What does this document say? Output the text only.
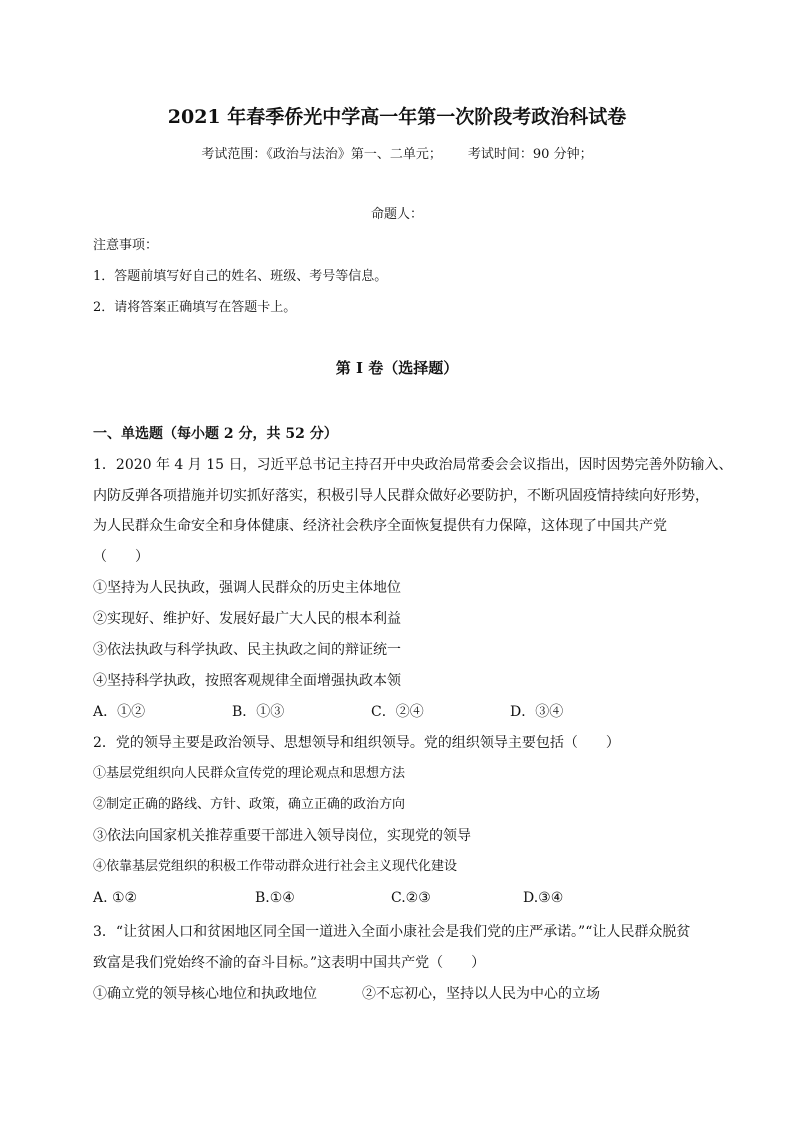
2021 年春季侨光中学高一年第一次阶段考政治科试卷
考试范围：《政治与法治》第一、二单元； 考试时间：90 分钟；
命题人：
注意事项：
1．答题前填写好自己的姓名、班级、考号等信息。
2．请将答案正确填写在答题卡上。
第 I 卷（选择题）
一、单选题（每小题 2 分，共 52 分）
1．2020 年 4 月 15 日，习近平总书记主持召开中央政治局常委会会议指出，因时因势完善外防输入、
内防反弹各项措施并切实抓好落实，积极引导人民群众做好必要防护，不断巩固疫情持续向好形势，
为人民群众生命安全和身体健康、经济社会秩序全面恢复提供有力保障，这体现了中国共产党
（　　）
①坚持为人民执政，强调人民群众的历史主体地位
②实现好、维护好、发展好最广大人民的根本利益
③依法执政与科学执政、民主执政之间的辩证统一
④坚持科学执政，按照客观规律全面增强执政本领
A．①②	B．①③	C．②④	D．③④
2．党的领导主要是政治领导、思想领导和组织领导。党的组织领导主要包括（　　）
①基层党组织向人民群众宣传党的理论观点和思想方法
②制定正确的路线、方针、政策，确立正确的政治方向
③依法向国家机关推荐重要干部进入领导岗位，实现党的领导
④依靠基层党组织的积极工作带动群众进行社会主义现代化建设
A. ①②	B.①④	C.②③	D.③④
3．“让贫困人口和贫困地区同全国一道进入全面小康社会是我们党的庄严承诺。”“让人民群众脱贫
致富是我们党始终不渝的奋斗目标。”这表明中国共产党（　　）
①确立党的领导核心地位和执政地位	②不忘初心，坚持以人民为中心的立场
